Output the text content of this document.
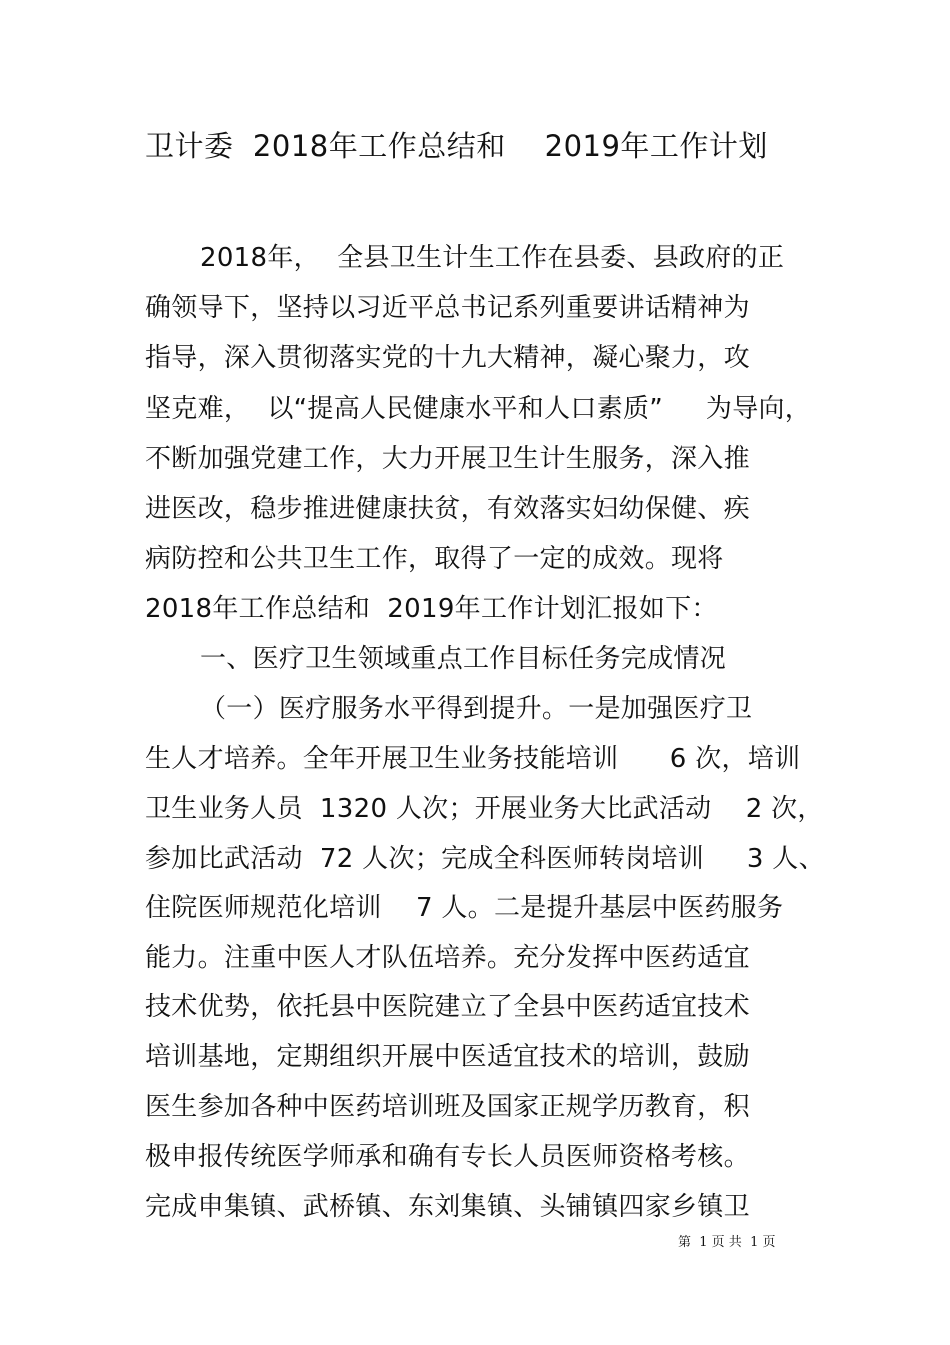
卫计委  2018年工作总结和    2019年工作计划
2018年，  全县卫生计生工作在县委、县政府的正
确领导下，坚持以习近平总书记系列重要讲话精神为
指导，深入贯彻落实党的十九大精神，凝心聚力，攻
坚克难，  以“提高人民健康水平和人口素质”     为导向，
不断加强党建工作，大力开展卫生计生服务，深入推
进医改，稳步推进健康扶贫，有效落实妇幼保健、疾
病防控和公共卫生工作，取得了一定的成效。现将
2018年工作总结和  2019年工作计划汇报如下：
一、医疗卫生领域重点工作目标任务完成情况
（一）医疗服务水平得到提升。一是加强医疗卫
生人才培养。全年开展卫生业务技能培训      6 次，培训
卫生业务人员  1320 人次；开展业务大比武活动    2 次，
参加比武活动  72 人次；完成全科医师转岗培训     3 人、
住院医师规范化培训    7 人。二是提升基层中医药服务
能力。注重中医人才队伍培养。充分发挥中医药适宜
技术优势，依托县中医院建立了全县中医药适宜技术
培训基地，定期组织开展中医适宜技术的培训，鼓励
医生参加各种中医药培训班及国家正规学历教育，积
极申报传统医学师承和确有专长人员医师资格考核。
完成申集镇、武桥镇、东刘集镇、头铺镇四家乡镇卫
第  1 页 共  1 页
